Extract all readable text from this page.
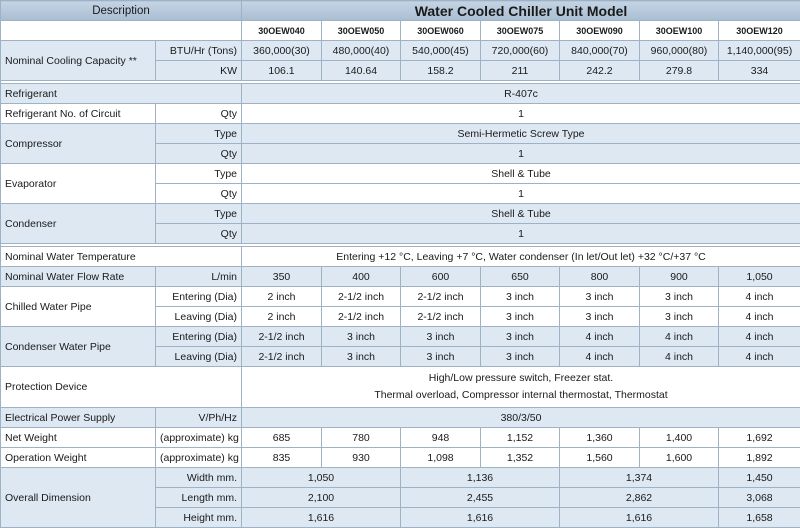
Description		Water Cooled Chiller Unit Model						
		30OEW040	30OEW050	30OEW060	30OEW075	30OEW090	30OEW100	30OEW120
Nominal Cooling Capacity **	BTU/Hr (Tons)	360,000(30)	480,000(40)	540,000(45)	720,000(60)	840,000(70)	960,000(80)	1,140,000(95)
	KW	106.1	140.64	158.2	211	242.2	279.8	334

Refrigerant		R-407c						
Refrigerant No. of Circuit	Qty	1						
Compressor	Type	Semi-Hermetic Screw Type						
	Qty	1						
Evaporator	Type	Shell & Tube						
	Qty	1						
Condenser	Type	Shell & Tube						
	Qty	1						

Nominal Water Temperature		Entering +12 °C, Leaving +7 °C, Water condenser (In let/Out let) +32 °C/+37 °C						
Nominal Water Flow Rate	L/min	350	400	600	650	800	900	1,050
Chilled Water Pipe	Entering (Dia)	2 inch	2-1/2 inch	2-1/2 inch	3 inch	3 inch	3 inch	4 inch
	Leaving (Dia)	2 inch	2-1/2 inch	2-1/2 inch	3 inch	3 inch	3 inch	4 inch
Condenser Water Pipe	Entering (Dia)	2-1/2 inch	3 inch	3 inch	3 inch	4 inch	4 inch	4 inch
	Leaving (Dia)	2-1/2 inch	3 inch	3 inch	3 inch	4 inch	4 inch	4 inch
Protection Device		High/Low pressure switch, Freezer stat.
Thermal overload, Compressor internal thermostat, Thermostat						

Electrical Power Supply	V/Ph/Hz	380/3/50						
Net Weight	(approximate) kg	685	780	948	1,152	1,360	1,400	1,692
Operation Weight	(approximate) kg	835	930	1,098	1,352	1,560	1,600	1,892
Overall Dimension	Width mm.	1,050		1,136		1,374		1,450
	Length mm.	2,100		2,455		2,862		3,068
	Height mm.	1,616		1,616		1,616		1,658
